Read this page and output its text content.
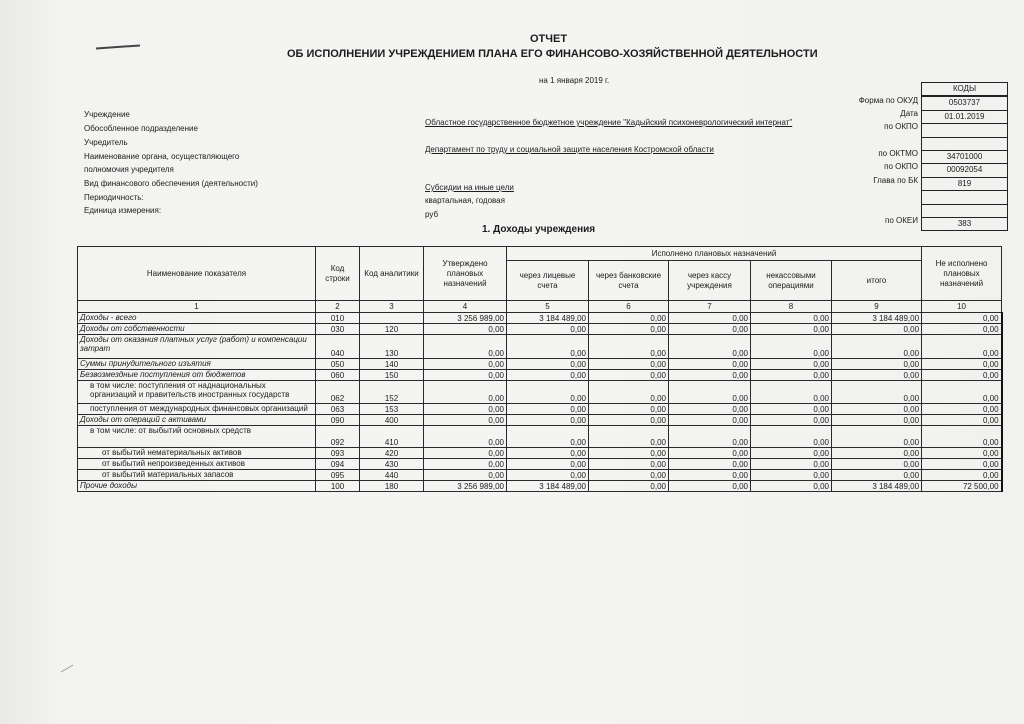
ОТЧЕТ
ОБ ИСПОЛНЕНИИ УЧРЕЖДЕНИЕМ ПЛАНА ЕГО ФИНАНСОВО-ХОЗЯЙСТВЕННОЙ ДЕЯТЕЛЬНОСТИ
на 1 января 2019 г.
Учреждение
Обособленное подразделение
Учредитель
Наименование органа, осуществляющего
полномочия учредителя
Вид финансового обеспечения (деятельности)
Периодичность:
Единица измерения:
Областное государственное бюджетное учреждение "Кадыйский психоневрологический интернат"
Департамент по труду и социальной защите населения Костромской области
Субсидии на иные цели
квартальная, годовая
руб
Форма по ОКУД
Дата
по ОКПО
по ОКТМО
по ОКПО
Глава по БК
по ОКЕИ
КОДЫ
0503737
01.01.2019
34701000
00092054
819
383
1. Доходы учреждения
Наименование показателя	Код строки	Код аналитики	Утверждено плановых назначений	Исполнено плановых назначений					Не исполнено плановых назначений
				через лицевые счета	через банковские счета	через кассу учреждения	некассовыми операциями	итого	
1	2	3	4	5	6	7	8	9	10
Доходы - всего	010		3 256 989,00	3 184 489,00	0,00	0,00	0,00	3 184 489,00	0,00
Доходы от собственности	030	120	0,00	0,00	0,00	0,00	0,00	0,00	0,00
Доходы от оказания платных услуг (работ) и компенсации затрат	040	130	0,00	0,00	0,00	0,00	0,00	0,00	0,00
Суммы принудительного изъятия	050	140	0,00	0,00	0,00	0,00	0,00	0,00	0,00
Безвозмездные поступления от бюджетов	060	150	0,00	0,00	0,00	0,00	0,00	0,00	0,00
в том числе: поступления от наднациональных организаций и правительств иностранных государств	062	152	0,00	0,00	0,00	0,00	0,00	0,00	0,00
поступления от международных финансовых организаций	063	153	0,00	0,00	0,00	0,00	0,00	0,00	0,00
Доходы от операций с активами	090	400	0,00	0,00	0,00	0,00	0,00	0,00	0,00
в том числе: от выбытий основных средств	092	410	0,00	0,00	0,00	0,00	0,00	0,00	0,00
от выбытий нематериальных активов	093	420	0,00	0,00	0,00	0,00	0,00	0,00	0,00
от выбытий непроизведенных активов	094	430	0,00	0,00	0,00	0,00	0,00	0,00	0,00
от выбытий материальных запасов	095	440	0,00	0,00	0,00	0,00	0,00	0,00	0,00
Прочие доходы	100	180	3 256 989,00	3 184 489,00	0,00	0,00	0,00	3 184 489,00	72 500,00
